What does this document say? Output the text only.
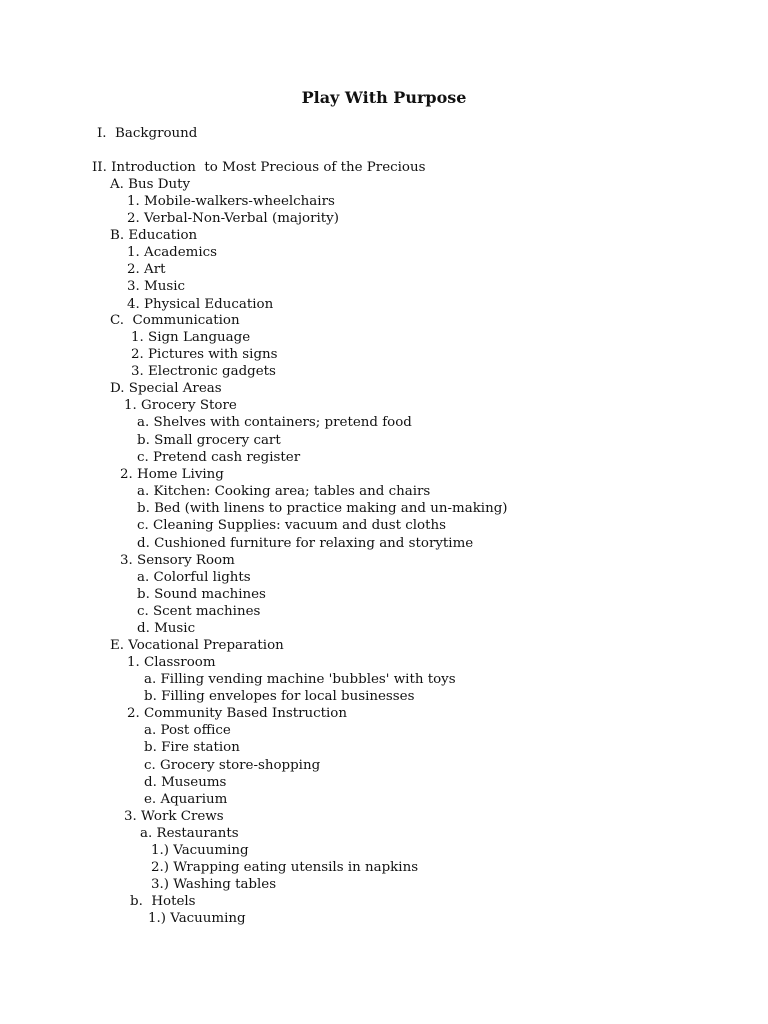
Play With Purpose
I.  Background
II. Introduction  to Most Precious of the Precious
A. Bus Duty
1. Mobile-walkers-wheelchairs
2. Verbal-Non-Verbal (majority)
B. Education
1. Academics
2. Art
3. Music
4. Physical Education
C.  Communication
1. Sign Language
2. Pictures with signs
3. Electronic gadgets
D. Special Areas
1. Grocery Store
a. Shelves with containers; pretend food
b. Small grocery cart
c. Pretend cash register
2. Home Living
a. Kitchen: Cooking area; tables and chairs
b. Bed (with linens to practice making and un-making)
c. Cleaning Supplies: vacuum and dust cloths
d. Cushioned furniture for relaxing and storytime
3. Sensory Room
a. Colorful lights
b. Sound machines
c. Scent machines
d. Music
E. Vocational Preparation
1. Classroom
a. Filling vending machine 'bubbles' with toys
b. Filling envelopes for local businesses
2. Community Based Instruction
a. Post office
b. Fire station
c. Grocery store-shopping
d. Museums
e. Aquarium
3. Work Crews
a. Restaurants
1.) Vacuuming
2.) Wrapping eating utensils in napkins
3.) Washing tables
b.  Hotels
1.) Vacuuming
